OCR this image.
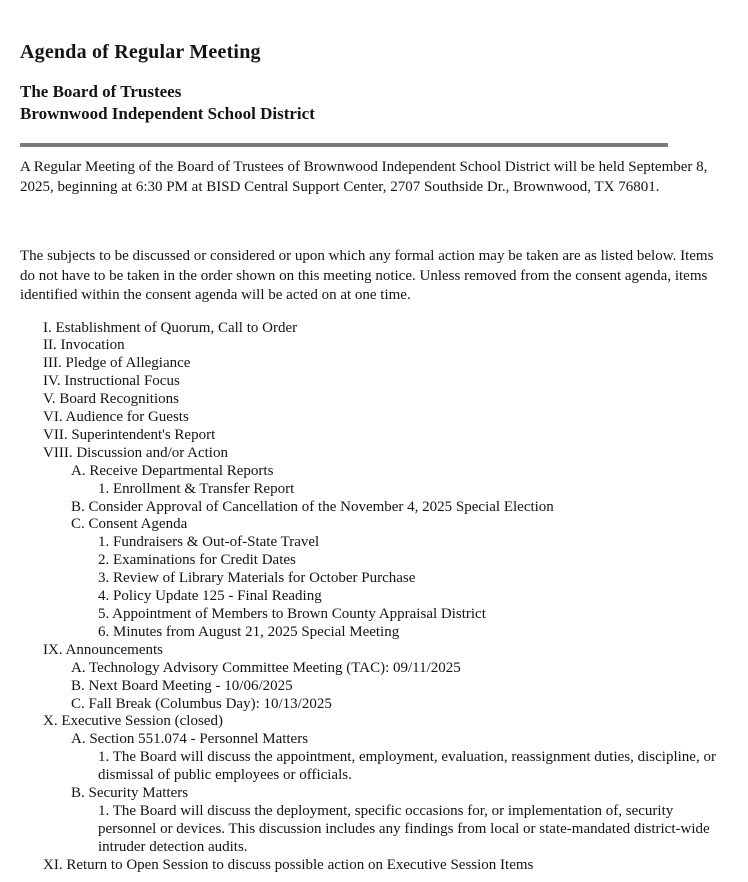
Agenda of Regular Meeting
The Board of Trustees
Brownwood Independent School District

A Regular Meeting of the Board of Trustees of Brownwood Independent School District will be held September 8, 2025, beginning at 6:30 PM at BISD Central Support Center, 2707 Southside Dr., Brownwood, TX 76801.

The subjects to be discussed or considered or upon which any formal action may be taken are as listed below. Items do not have to be taken in the order shown on this meeting notice. Unless removed from the consent agenda, items identified within the consent agenda will be acted on at one time.

I. Establishment of Quorum, Call to Order
II. Invocation
III. Pledge of Allegiance
IV. Instructional Focus
V. Board Recognitions
VI. Audience for Guests
VII. Superintendent's Report
VIII. Discussion and/or Action
A. Receive Departmental Reports
1. Enrollment & Transfer Report
B. Consider Approval of Cancellation of the November 4, 2025 Special Election
C. Consent Agenda
1. Fundraisers & Out-of-State Travel
2. Examinations for Credit Dates
3. Review of Library Materials for October Purchase
4. Policy Update 125 - Final Reading
5. Appointment of Members to Brown County Appraisal District
6. Minutes from August 21, 2025 Special Meeting
IX. Announcements
A. Technology Advisory Committee Meeting (TAC): 09/11/2025
B. Next Board Meeting - 10/06/2025
C. Fall Break (Columbus Day): 10/13/2025
X. Executive Session (closed)
A. Section 551.074 - Personnel Matters
1. The Board will discuss the appointment, employment, evaluation, reassignment duties, discipline, or dismissal of public employees or officials.
B. Security Matters
1. The Board will discuss the deployment, specific occasions for, or implementation of, security personnel or devices. This discussion includes any findings from local or state-mandated district-wide intruder detection audits.
XI. Return to Open Session to discuss possible action on Executive Session Items
